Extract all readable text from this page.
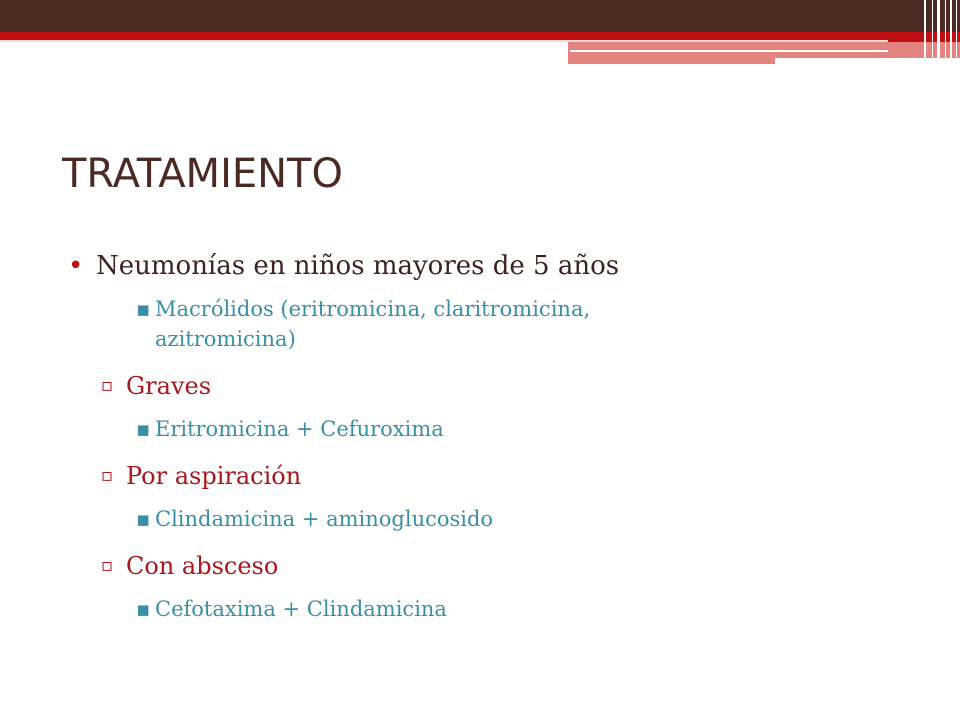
TRATAMIENTO
• Neumonías en niños mayores de 5 años
▪ Macrólidos (eritromicina, claritromicina,
azitromicina)
▫ Graves
▪ Eritromicina + Cefuroxima
▫ Por aspiración
▪ Clindamicina + aminoglucosido
▫ Con absceso
▪ Cefotaxima + Clindamicina
